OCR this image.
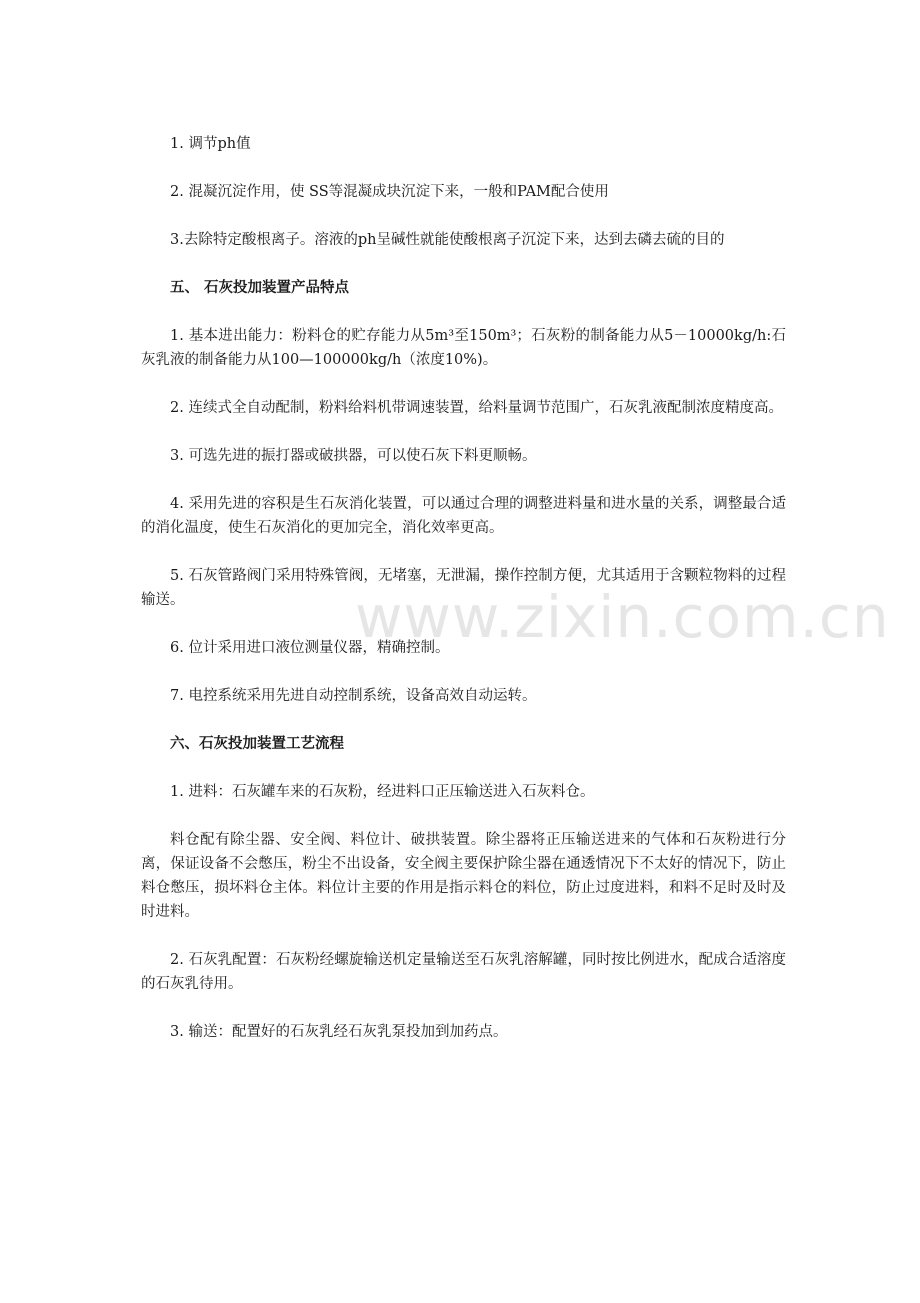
www.zixin.com.cn

1. 调节ph值

2. 混凝沉淀作用，使 SS等混凝成块沉淀下来，一般和PAM配合使用

3.去除特定酸根离子。溶液的ph呈碱性就能使酸根离子沉淀下来，达到去磷去硫的目的

五、 石灰投加装置产品特点

1. 基本进出能力：粉料仓的贮存能力从5m³至150m³；石灰粉的制备能力从5－10000kg/h:石灰乳液的制备能力从100—100000kg/h（浓度10%)。

2. 连续式全自动配制，粉料给料机带调速装置，给料量调节范围广，石灰乳液配制浓度精度高。

3. 可选先进的振打器或破拱器，可以使石灰下料更顺畅。

4. 采用先进的容积是生石灰消化装置，可以通过合理的调整进料量和进水量的关系，调整最合适的消化温度，使生石灰消化的更加完全，消化效率更高。

5. 石灰管路阀门采用特殊管阀，无堵塞，无泄漏，操作控制方便，尤其适用于含颗粒物料的过程输送。

6. 位计采用进口液位测量仪器，精确控制。

7. 电控系统采用先进自动控制系统，设备高效自动运转。

六、石灰投加装置工艺流程

1. 进料：石灰罐车来的石灰粉，经进料口正压输送进入石灰料仓。

料仓配有除尘器、安全阀、料位计、破拱装置。除尘器将正压输送进来的气体和石灰粉进行分离，保证设备不会憋压，粉尘不出设备，安全阀主要保护除尘器在通透情况下不太好的情况下，防止料仓憋压，损坏料仓主体。料位计主要的作用是指示料仓的料位，防止过度进料，和料不足时及时及时进料。

2. 石灰乳配置：石灰粉经螺旋输送机定量输送至石灰乳溶解罐，同时按比例进水，配成合适溶度的石灰乳待用。

3. 输送：配置好的石灰乳经石灰乳泵投加到加药点。
